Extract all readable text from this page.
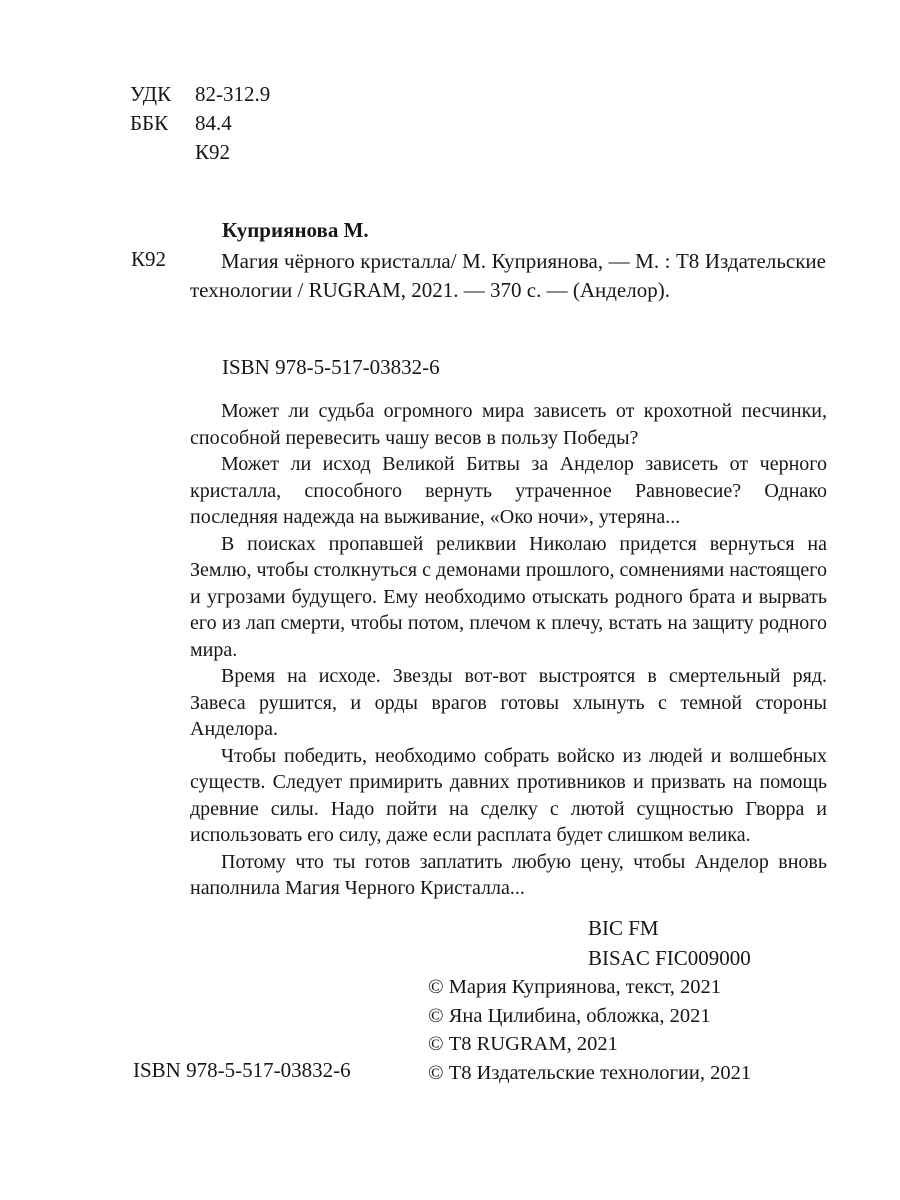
УДК 82-312.9
ББК 84.4
К92
Куприянова М.
К92	Магия чёрного кристалла/ М. Куприянова, — М. : Т8 Издательские технологии / RUGRAM, 2021. — 370 с. — (Анделор).
ISBN 978-5-517-03832-6

Может ли судьба огромного мира зависеть от крохотной песчинки, способной перевесить чашу весов в пользу Победы?

Может ли исход Великой Битвы за Анделор зависеть от черного кристалла, способного вернуть утраченное Равновесие? Однако последняя надежда на выживание, «Око ночи», утеряна...

В поисках пропавшей реликвии Николаю придется вернуться на Землю, чтобы столкнуться с демонами прошлого, сомнениями настоящего и угрозами будущего. Ему необходимо отыскать родного брата и вырвать его из лап смерти, чтобы потом, плечом к плечу, встать на защиту родного мира.

Время на исходе. Звезды вот-вот выстроятся в смертельный ряд. Завеса рушится, и орды врагов готовы хлынуть с темной стороны Анделора.

Чтобы победить, необходимо собрать войско из людей и волшебных существ. Следует примирить давних противников и призвать на помощь древние силы. Надо пойти на сделку с лютой сущностью Гворра и использовать его силу, даже если расплата будет слишком велика.

Потому что ты готов заплатить любую цену, чтобы Анделор вновь наполнила Магия Черного Кристалла...

BIC FM
BISAC FIC009000
© Мария Куприянова, текст, 2021
© Яна Цилибина, обложка, 2021
© Т8 RUGRAM, 2021
© Т8 Издательские технологии, 2021
ISBN 978-5-517-03832-6
